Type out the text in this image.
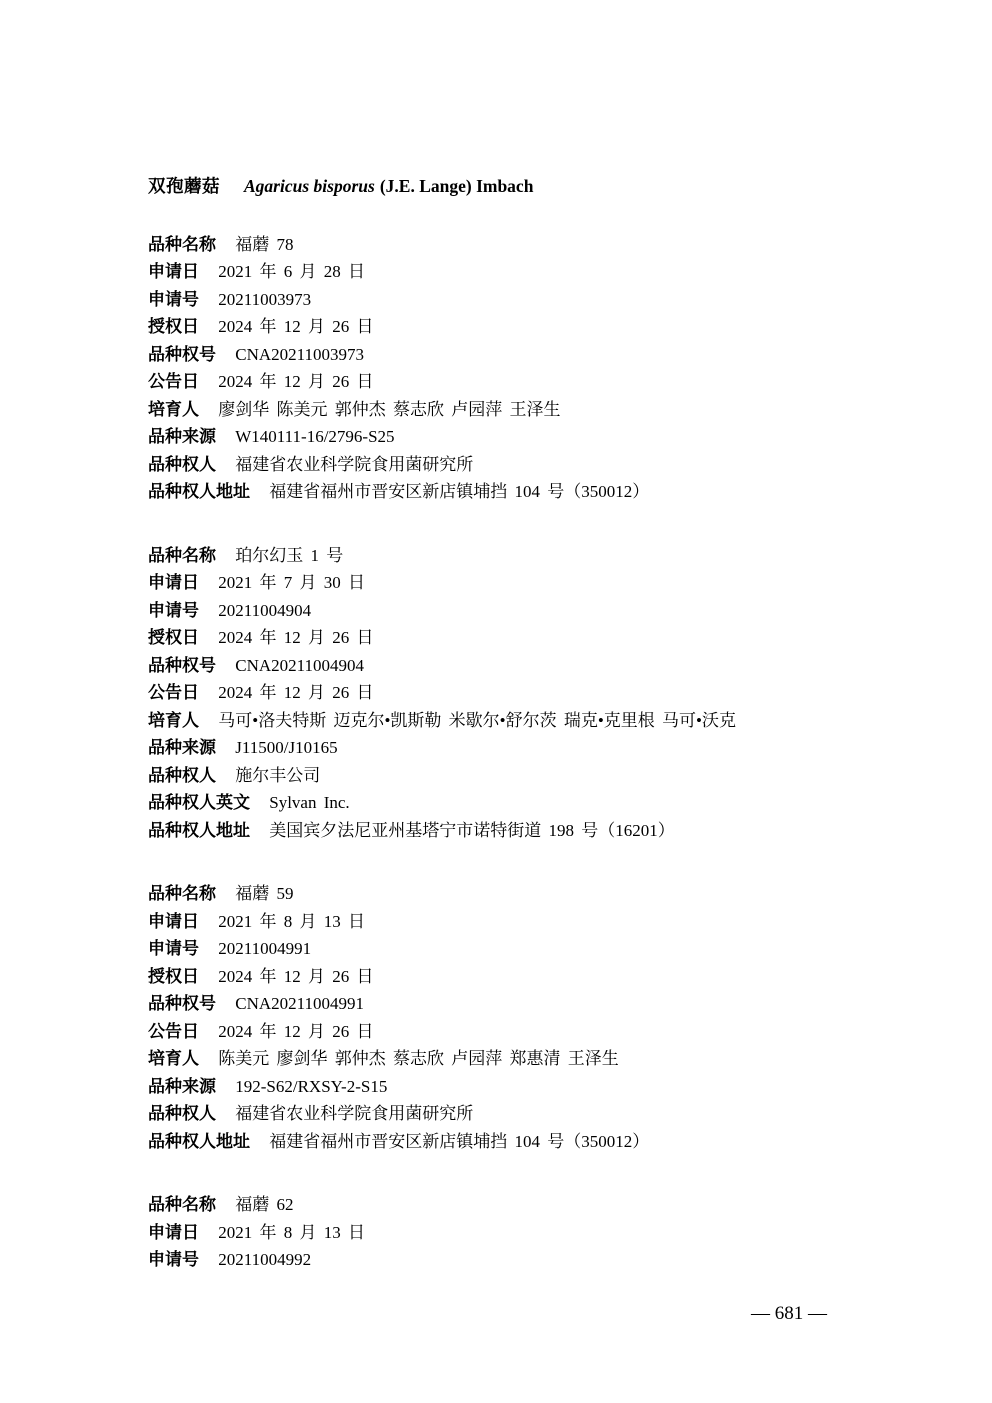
双孢蘑菇 Agaricus bisporus (J.E. Lange) Imbach
品种名称 福蘑 78
申请日 2021 年 6 月 28 日
申请号 20211003973
授权日 2024 年 12 月 26 日
品种权号 CNA20211003973
公告日 2024 年 12 月 26 日
培育人 廖剑华 陈美元 郭仲杰 蔡志欣 卢园萍 王泽生
品种来源 W140111-16/2796-S25
品种权人 福建省农业科学院食用菌研究所
品种权人地址 福建省福州市晋安区新店镇埔挡 104 号（350012）
品种名称 珀尔幻玉 1 号
申请日 2021 年 7 月 30 日
申请号 20211004904
授权日 2024 年 12 月 26 日
品种权号 CNA20211004904
公告日 2024 年 12 月 26 日
培育人 马可•洛夫特斯 迈克尔•凯斯勒 米歇尔•舒尔茨 瑞克•克里根 马可•沃克
品种来源 J11500/J10165
品种权人 施尔丰公司
品种权人英文 Sylvan Inc.
品种权人地址 美国宾夕法尼亚州基塔宁市诺特街道 198 号（16201）
品种名称 福蘑 59
申请日 2021 年 8 月 13 日
申请号 20211004991
授权日 2024 年 12 月 26 日
品种权号 CNA20211004991
公告日 2024 年 12 月 26 日
培育人 陈美元 廖剑华 郭仲杰 蔡志欣 卢园萍 郑惠清 王泽生
品种来源 192-S62/RXSY-2-S15
品种权人 福建省农业科学院食用菌研究所
品种权人地址 福建省福州市晋安区新店镇埔挡 104 号（350012）
品种名称 福蘑 62
申请日 2021 年 8 月 13 日
申请号 20211004992
— 681 —
